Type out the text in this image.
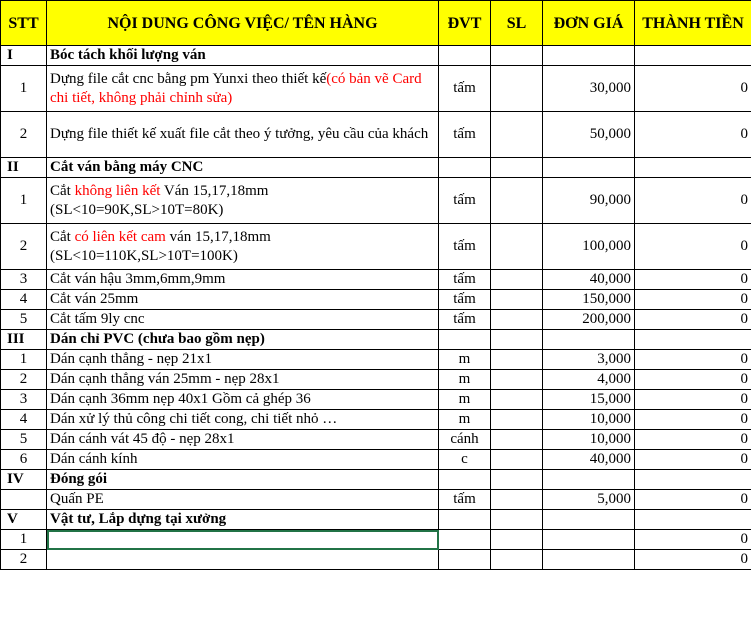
STT	NỘI DUNG CÔNG VIỆC/ TÊN HÀNG	ĐVT	SL	ĐƠN GIÁ	THÀNH TIỀN
I	Bóc tách khối lượng ván				
1	Dựng file cắt cnc bằng pm Yunxi theo thiết kế(có bản vẽ Card chi tiết, không phải chỉnh sửa)	tấm		30,000	0
2	Dựng file thiết kế xuất file cắt theo ý tưởng, yêu cầu của khách	tấm		50,000	0
II	Cắt ván bằng máy CNC				
1	Cắt không liên kết Ván 15,17,18mm (SL<10=90K,SL>10T=80K)	tấm		90,000	0
2	Cắt có liên kết cam ván 15,17,18mm (SL<10=110K,SL>10T=100K)	tấm		100,000	0
3	Cắt ván hậu 3mm,6mm,9mm	tấm		40,000	0
4	Cắt ván 25mm	tấm		150,000	0
5	Cắt tấm 9ly cnc	tấm		200,000	0
III	Dán chỉ PVC (chưa bao gồm nẹp)				
1	Dán cạnh thẳng - nẹp 21x1	m		3,000	0
2	Dán cạnh thẳng ván 25mm - nẹp 28x1	m		4,000	0
3	Dán cạnh 36mm nẹp 40x1 Gồm cả ghép 36	m		15,000	0
4	Dán xử lý thủ công chi tiết cong, chi tiết nhỏ …	m		10,000	0
5	Dán cánh vát 45 độ - nẹp 28x1	cánh		10,000	0
6	Dán cánh kính	c		40,000	0
IV	Đóng gói				
	Quấn PE	tấm		5,000	0
V	Vật tư, Lắp dựng tại xưởng				
1					0
2					0
